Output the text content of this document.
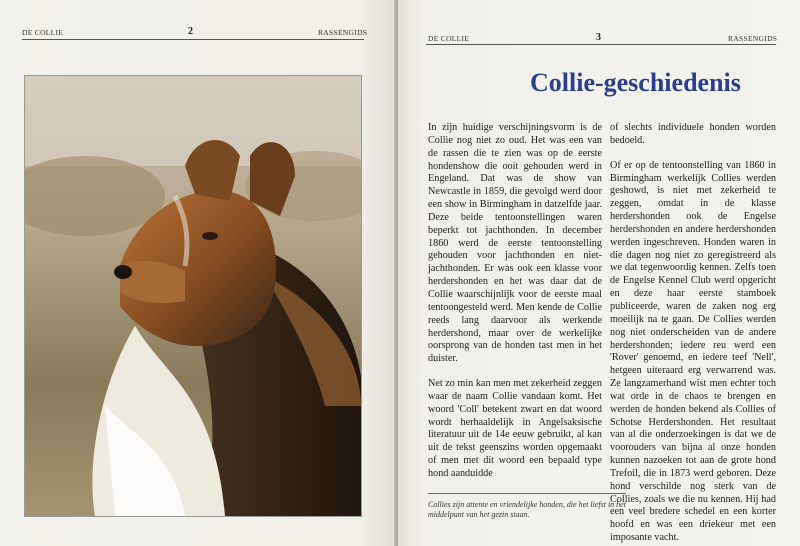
DE COLLIE	2	RASSENGIDS
DE COLLIE	3	RASSENGIDS
Collie-geschiedenis

In zijn huidige verschijningsvorm is de Collie nog niet zo oud. Het was een van de rassen die te zien was op de eerste hondenshow die ooit gehouden werd in Engeland. Dat was de show van Newcastle in 1859, die gevolgd werd door een show in Birmingham in datzelfde jaar. Deze beide tentoonstellingen waren beperkt tot jachthonden. In december 1860 werd de eerste tentoonstelling gehouden voor jachthonden en niet-jachthonden. Er was ook een klasse voor herdershonden en het was daar dat de Collie waarschijnlijk voor de eerste maal tentoongesteld werd. Men kende de Collie reeds lang daarvoor als werkende herdershond, maar over de werkelijke oorsprong van de honden tast men in het duister.

Net zo min kan men met zekerheid zeggen waar de naam Collie vandaan komt. Het woord 'Coll' betekent zwart en dat woord wordt herhaaldelijk in Angelsaksische literatuur uit de 14e eeuw gebruikt, al kan uit de tekst geenszins worden opgemaakt of men met dit woord een bepaald type hond aanduidde

Collies zijn attente en vriendelijke honden, die het liefst in het middelpunt van het gezin staan.

of slechts individuele honden worden bedoeld.

Of er op de tentoonstelling van 1860 in Birmingham werkelijk Collies werden geshowd, is niet met zekerheid te zeggen, omdat in de klasse herdershonden ook de Engelse herdershonden en andere herdershonden werden ingeschreven. Honden waren in die dagen nog niet zo geregistreerd als we dat tegenwoordig kennen. Zelfs toen de Engelse Kennel Club werd opgericht en deze haar eerste stamboek publiceerde, waren de zaken nog erg moeilijk na te gaan. De Collies werden nog niet onderscheiden van de andere herdershonden; iedere reu werd een 'Rover' genoemd, en iedere teef 'Nell', hetgeen uiteraard erg verwarrend was. Ze langzamerhand wist men echter toch wat orde in de chaos te brengen en werden de honden bekend als Collies of Schotse Herdershonden. Het resultaat van al die onderzoekingen is dat we de voorouders van bijna al onze honden kunnen nazoeken tot aan de grote hond Trefoil, die in 1873 werd geboren. Deze hond verschilde nog sterk van de Collies, zoals we die nu kennen. Hij had een veel bredere schedel en een korter hoofd en was een driekeur met een imposante vacht.
